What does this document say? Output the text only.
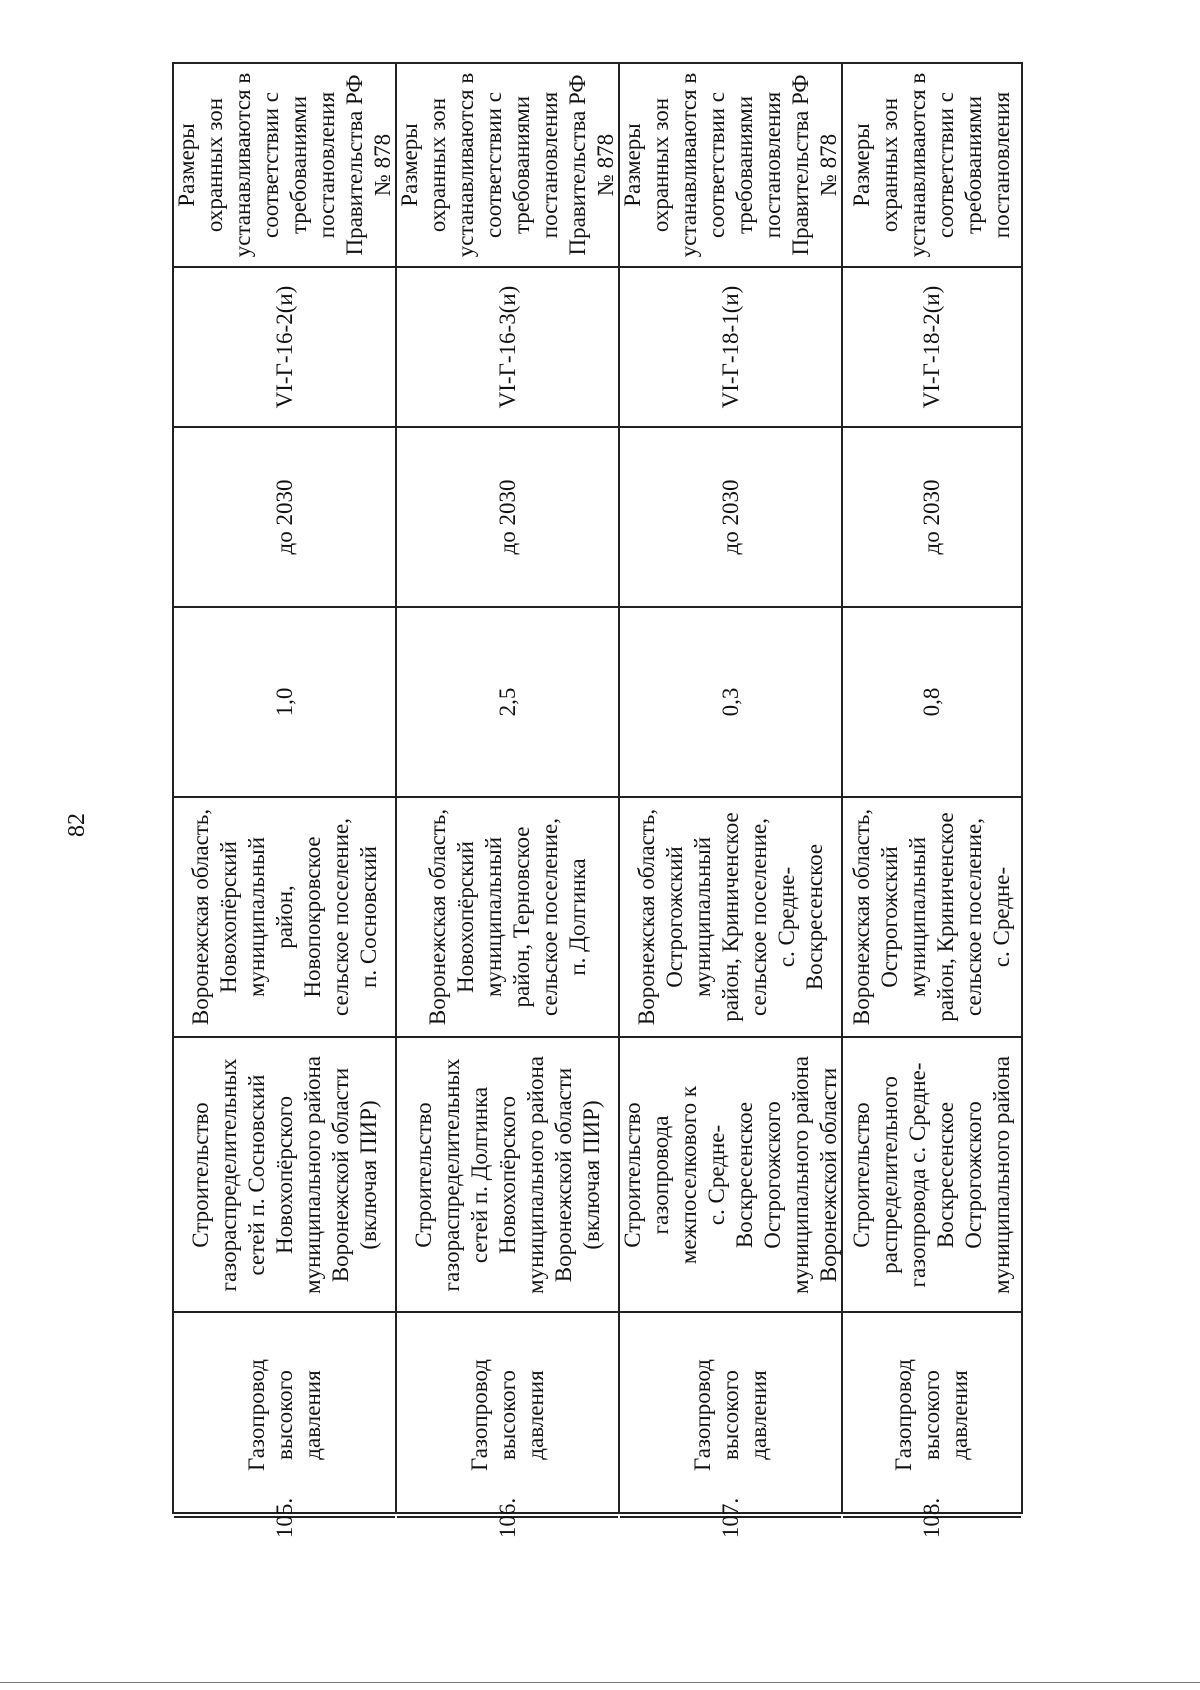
82
Размеры охранных зон устанавливаются в соответствии с требованиями постановления Правительства РФ № 878
VI-Г-16-2(и)
до 2030
1,0
Воронежская область, Новохопёрский муниципальный район, Новопокровское сельское поселение, п. Сосновский
Строительство газораспределительных сетей п. Сосновский Новохопёрского муниципального района Воронежской области (включая ПИР)
Газопровод высокого давления
105.
Размеры охранных зон устанавливаются в соответствии с требованиями постановления Правительства РФ № 878
VI-Г-16-3(и)
до 2030
2,5
Воронежская область, Новохопёрский муниципальный район, Терновское сельское поселение, п. Долгинка
Строительство газораспределительных сетей п. Долгинка Новохопёрского муниципального района Воронежской области (включая ПИР)
Газопровод высокого давления
106.
Размеры охранных зон устанавливаются в соответствии с требованиями постановления Правительства РФ № 878
VI-Г-18-1(и)
до 2030
0,3
Воронежская область, Острогожский муниципальный район, Криниченское сельское поселение, с. Средне- Воскресенское
Строительство газопровода межпоселкового к с. Средне- Воскресенское Острогожского муниципального района Воронежской области
Газопровод высокого давления
107.
Размеры охранных зон устанавливаются в соответствии с требованиями постановления
VI-Г-18-2(и)
до 2030
0,8
Воронежская область, Острогожский муниципальный район, Криниченское сельское поселение, с. Средне-
Строительство распределительного газопровода с. Средне- Воскресенское Острогожского муниципального района
Газопровод высокого давления
108.
